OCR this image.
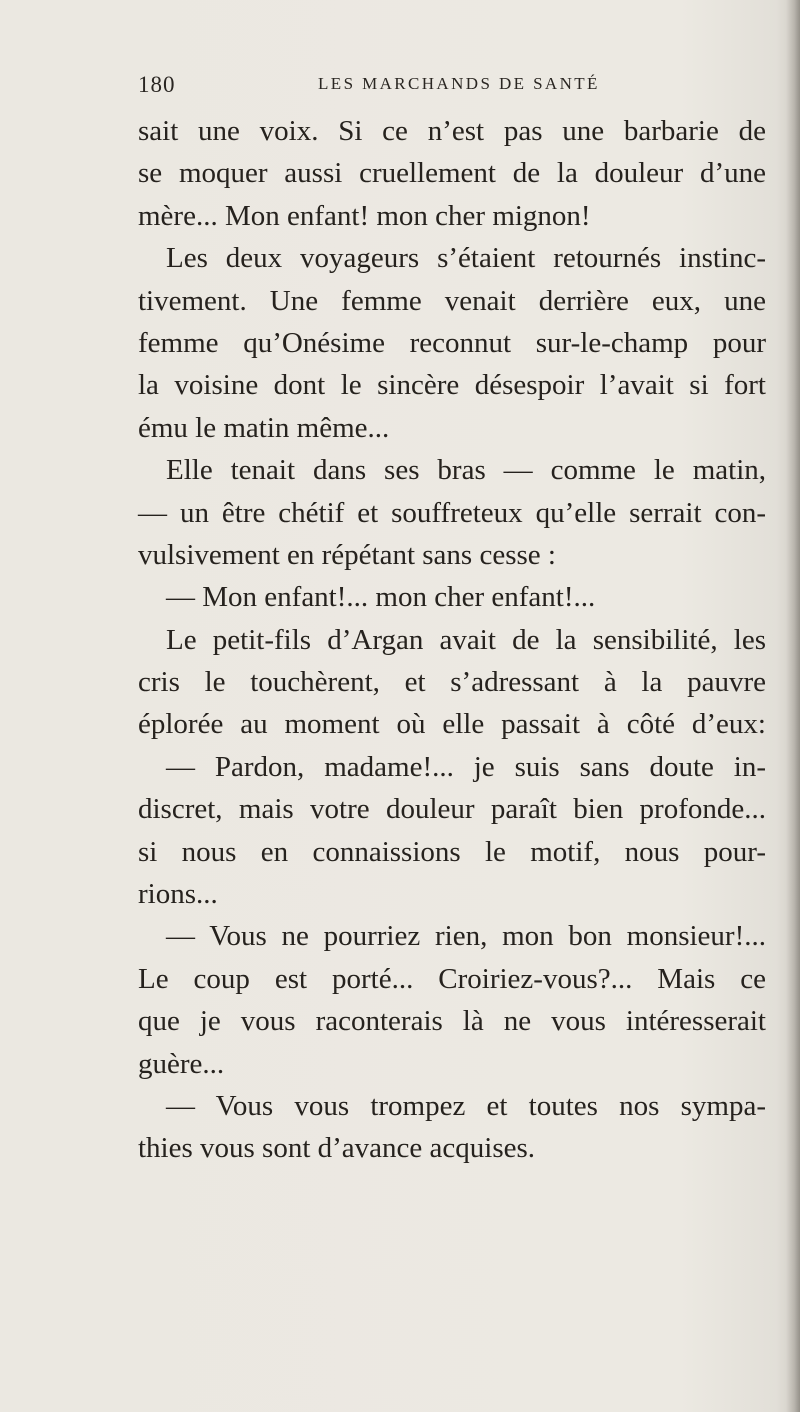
180	LES MARCHANDS DE SANTÉ
sait une voix. Si ce n’est pas une barbarie de
se moquer aussi cruellement de la douleur d’une
mère... Mon enfant! mon cher mignon!
Les deux voyageurs s’étaient retournés instinc-
tivement. Une femme venait derrière eux, une
femme qu’Onésime reconnut sur-le-champ pour
la voisine dont le sincère désespoir l’avait si fort
ému le matin même...
Elle tenait dans ses bras — comme le matin,
— un être chétif et souffreteux qu’elle serrait con-
vulsivement en répétant sans cesse :
— Mon enfant!... mon cher enfant!...
Le petit-fils d’Argan avait de la sensibilité, les
cris le touchèrent, et s’adressant à la pauvre
éplorée au moment où elle passait à côté d’eux:
— Pardon, madame!... je suis sans doute in-
discret, mais votre douleur paraît bien profonde...
si nous en connaissions le motif, nous pour-
rions...
— Vous ne pourriez rien, mon bon monsieur!...
Le coup est porté... Croiriez-vous?... Mais ce
que je vous raconterais là ne vous intéresserait
guère...
— Vous vous trompez et toutes nos sympa-
thies vous sont d’avance acquises.
